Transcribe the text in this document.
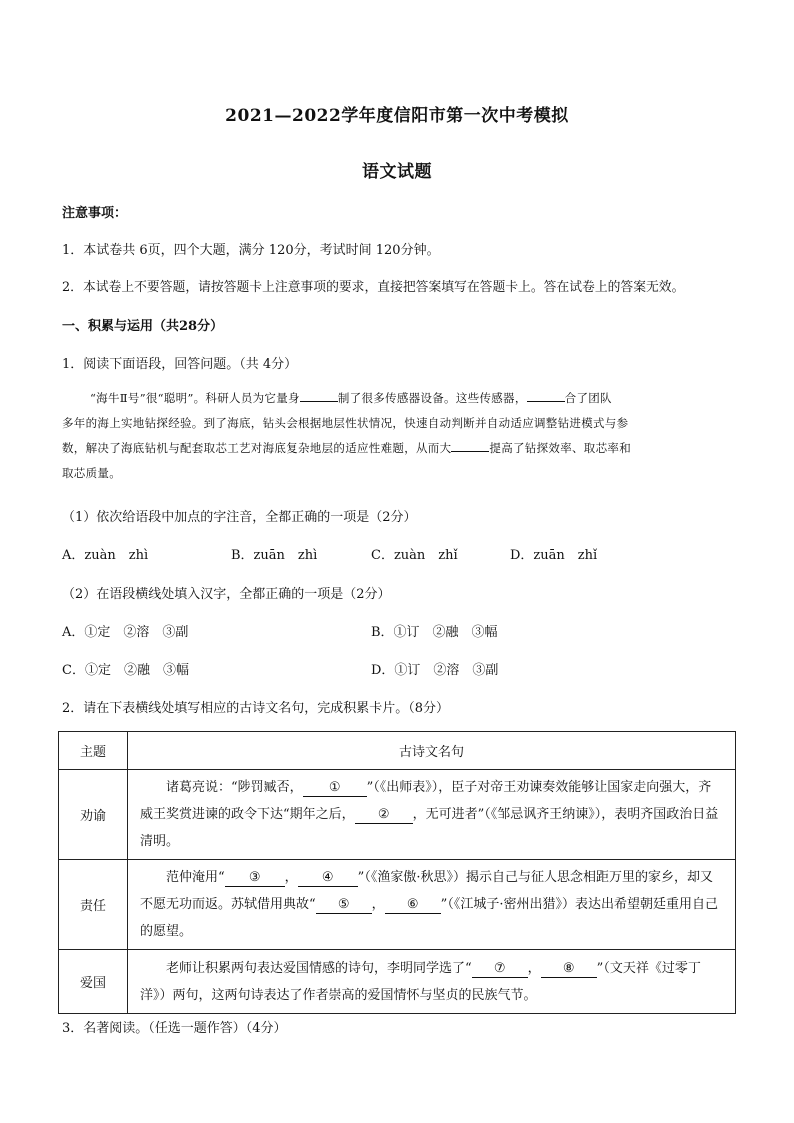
2021—2022学年度信阳市第一次中考模拟
语文试题
注意事项：
1．本试卷共 6页，四个大题，满分 120分，考试时间 120分钟。
2．本试卷上不要答题，请按答题卡上注意事项的要求，直接把答案填写在答题卡上。答在试卷上的答案无效。
一、积累与运用（共28分）
1．阅读下面语段，回答问题。（共 4分）
“海牛Ⅱ号”很“聪明”。科研人员为它量身	制了很多传感器设备。这些传感器，	合了团队
多年的海上实地钻探经验。到了海底，钻头会根据地层性状情况，快速自动判断并自动适应调整钻进模式与参
数，解决了海底钻机与配套取芯工艺对海底复杂地层的适应性难题，从而大	提高了钻探效率、取芯率和
取芯质量。
（1）依次给语段中加点的字注音，全都正确的一项是（2分）
A．zuàn　zhì	B．zuān　zhì	C．zuàn　zhǐ	D．zuān　zhǐ
（2）在语段横线处填入汉字，全都正确的一项是（2分）
A．①定　②溶　③副	B．①订　②融　③幅
C．①定　②融　③幅	D．①订　②溶　③副
2．请在下表横线处填写相应的古诗文名句，完成积累卡片。（8分）
主题	古诗文名句
劝谕	诸葛亮说：“陟罚臧否， ① ”（《出师表》），臣子对帝王劝谏奏效能够让国家走向强大，齐威王奖赏进谏的政令下达“期年之后， ② ，无可进者”（《邹忌讽齐王纳谏》），表明齐国政治日益清明。
责任	范仲淹用“ ③ ， ④ ”（《渔家傲·秋思》）揭示自己与征人思念相距万里的家乡，却又不愿无功而返。苏轼借用典故“ ⑤ ， ⑥ ”（《江城子·密州出猎》）表达出希望朝廷重用自己的愿望。
爱国	老师让积累两句表达爱国情感的诗句，李明同学选了“ ⑦ ， ⑧ ”（文天祥《过零丁洋》）两句，这两句诗表达了作者崇高的爱国情怀与坚贞的民族气节。
3．名著阅读。（任选一题作答）（4分）
